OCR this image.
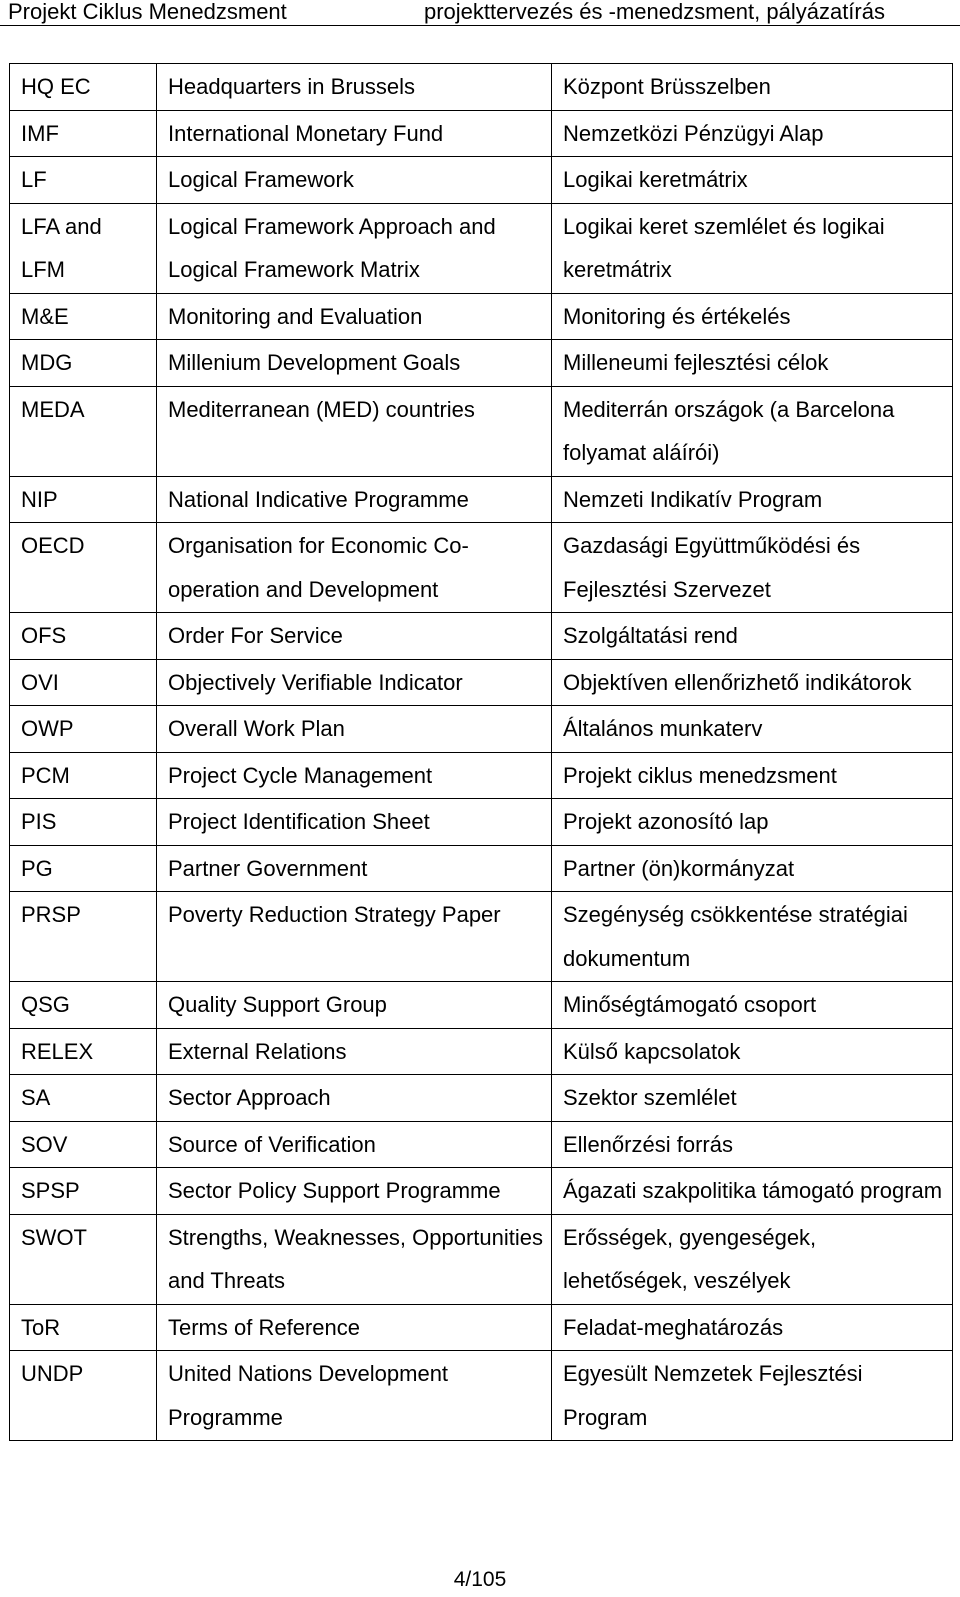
Projekt Ciklus Menedzsment	projekttervezés és -menedzsment, pályázatírás
HQ EC	Headquarters in Brussels	Központ Brüsszelben
IMF	International Monetary Fund	Nemzetközi Pénzügyi Alap
LF	Logical Framework	Logikai keretmátrix
LFA and LFM	Logical Framework Approach and Logical Framework Matrix	Logikai keret szemlélet és logikai keretmátrix
M&E	Monitoring and Evaluation	Monitoring és értékelés
MDG	Millenium Development Goals	Milleneumi fejlesztési célok
MEDA	Mediterranean (MED) countries	Mediterrán országok (a Barcelona folyamat aláírói)
NIP	National Indicative Programme	Nemzeti Indikatív Program
OECD	Organisation for Economic Co-operation and Development	Gazdasági Együttműködési és Fejlesztési Szervezet
OFS	Order For Service	Szolgáltatási rend
OVI	Objectively Verifiable Indicator	Objektíven ellenőrizhető indikátorok
OWP	Overall Work Plan	Általános munkaterv
PCM	Project Cycle Management	Projekt ciklus menedzsment
PIS	Project Identification Sheet	Projekt azonosító lap
PG	Partner Government	Partner (ön)kormányzat
PRSP	Poverty Reduction Strategy Paper	Szegénység csökkentése stratégiai dokumentum
QSG	Quality Support Group	Minőségtámogató csoport
RELEX	External Relations	Külső kapcsolatok
SA	Sector Approach	Szektor szemlélet
SOV	Source of Verification	Ellenőrzési forrás
SPSP	Sector Policy Support Programme	Ágazati szakpolitika támogató program
SWOT	Strengths, Weaknesses, Opportunities and Threats	Erősségek, gyengeségek, lehetőségek, veszélyek
ToR	Terms of Reference	Feladat-meghatározás
UNDP	United Nations Development Programme	Egyesült Nemzetek Fejlesztési Program
4/105
